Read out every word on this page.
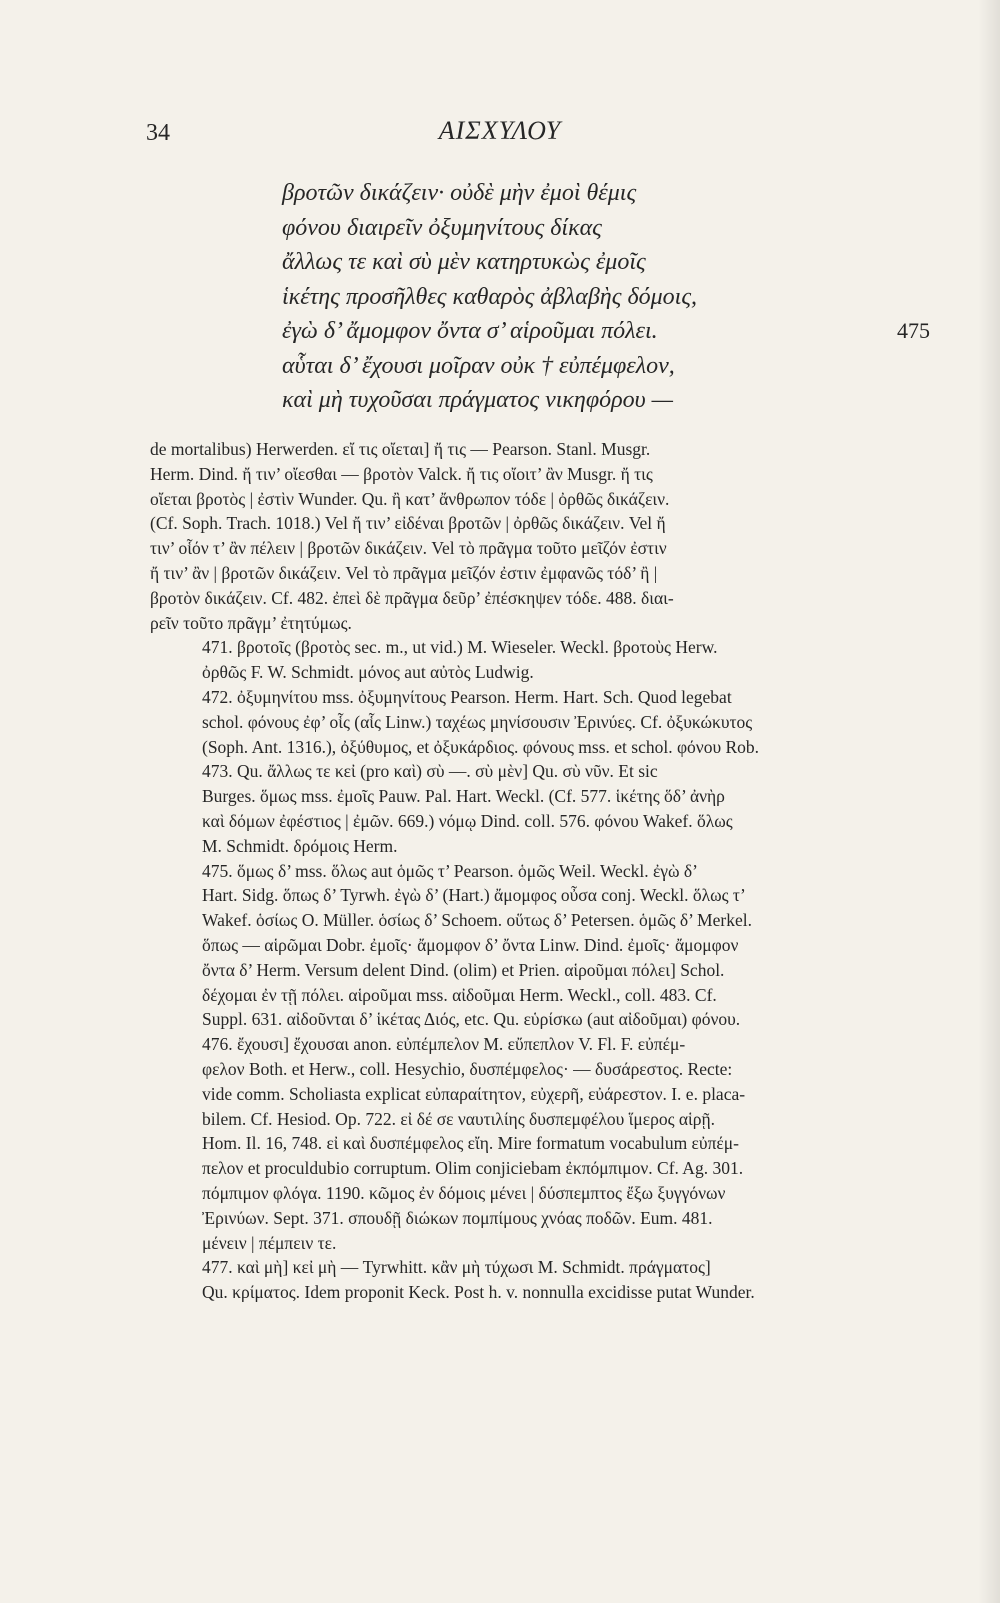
34	ΑΙΣΧΥΛΟΥ
βροτῶν δικάζειν· οὐδὲ μὴν ἐμοὶ θέμις
φόνου διαιρεῖν ὀξυμηνίτους δίκας
ἄλλως τε καὶ σὺ μὲν κατηρτυκὼς ἐμοῖς
ἱκέτης προσῆλθες καθαρὸς ἀβλαβὴς δόμοις,
ἐγὼ δ’ ἄμομφον ὄντα σ’ αἱροῦμαι πόλει.	475
αὗται δ’ ἔχουσι μοῖραν οὐκ † εὐπέμφελον,
καὶ μὴ τυχοῦσαι πράγματος νικηφόρου —

de mortalibus) Herwerden. εἴ τις οἴεται] ἤ τις — Pearson. Stanl. Musgr.
Herm. Dind. ἤ τιν’ οἴεσθαι — βροτὸν Valck. ἤ τις οἴοιτ’ ἂν Musgr. ἤ τις
οἴεται βροτὸς | ἐστὶν Wunder. Qu. ἢ κατ’ ἄνθρωπον τόδε | ὀρθῶς δικάζειν.
(Cf. Soph. Trach. 1018.) Vel ἤ τιν’ εἰδέναι βροτῶν | ὀρθῶς δικάζειν. Vel ἤ
τιν’ οἷόν τ’ ἂν πέλειν | βροτῶν δικάζειν. Vel τὸ πρᾶγμα τοῦτο μεῖζόν ἐστιν
ἤ τιν’ ἂν | βροτῶν δικάζειν. Vel τὸ πρᾶγμα μεῖζόν ἐστιν ἐμφανῶς τόδ’ ἢ |
βροτὸν δικάζειν. Cf. 482. ἐπεὶ δὲ πρᾶγμα δεῦρ’ ἐπέσκηψεν τόδε. 488. διαι-
ρεῖν τοῦτο πρᾶγμ’ ἐτητύμως.

471. βροτοῖς (βροτὸς sec. m., ut vid.) M. Wieseler. Weckl. βροτοὺς Herw.
ὀρθῶς F. W. Schmidt. μόνος aut αὐτὸς Ludwig.

472. ὀξυμηνίτου mss. ὀξυμηνίτους Pearson. Herm. Hart. Sch. Quod legebat
schol. φόνους ἐφ’ οἷς (αἷς Linw.) ταχέως μηνίσουσιν Ἐρινύες. Cf. ὀξυκώκυτος
(Soph. Ant. 1316.), ὀξύθυμος, et ὀξυκάρδιος. φόνους mss. et schol. φόνου Rob.

473. Qu. ἄλλως τε κεἰ (pro καὶ) σὺ —. σὺ μὲν] Qu. σὺ νῦν. Et sic
Burges. ὅμως mss. ἐμοῖς Pauw. Pal. Hart. Weckl. (Cf. 577. ἱκέτης ὅδ’ ἀνὴρ
καὶ δόμων ἐφέστιος | ἐμῶν. 669.) νόμῳ Dind. coll. 576. φόνου Wakef. ὅλως
M. Schmidt. δρόμοις Herm.

475. ὅμως δ’ mss. ὅλως aut ὁμῶς τ’ Pearson. ὁμῶς Weil. Weckl. ἐγὼ δ’
Hart. Sidg. ὅπως δ’ Tyrwh. ἐγὼ δ’ (Hart.) ἄμομφος οὖσα conj. Weckl. ὅλως τ’
Wakef. ὁσίως O. Müller. ὁσίως δ’ Schoem. οὕτως δ’ Petersen. ὁμῶς δ’ Merkel.
ὅπως — αἱρῶμαι Dobr. ἐμοῖς· ἄμομφον δ’ ὄντα Linw. Dind. ἐμοῖς· ἄμομφον
ὄντα δ’ Herm. Versum delent Dind. (olim) et Prien. αἱροῦμαι πόλει] Schol.
δέχομαι ἐν τῇ πόλει. αἱροῦμαι mss. αἰδοῦμαι Herm. Weckl., coll. 483. Cf.
Suppl. 631. αἰδοῦνται δ’ ἱκέτας Διός, etc. Qu. εὑρίσκω (aut αἰδοῦμαι) φόνου.

476. ἔχουσι] ἔχουσαι anon. εὐπέμπελον M. εὔπεπλον V. Fl. F. εὐπέμ-
φελον Both. et Herw., coll. Hesychio, δυσπέμφελος· — δυσάρεστος. Recte:
vide comm. Scholiasta explicat εὐπαραίτητον, εὐχερῆ, εὐάρεστον. I. e. placa-
bilem. Cf. Hesiod. Op. 722. εἰ δέ σε ναυτιλίης δυσπεμφέλου ἵμερος αἱρῇ.
Hom. Il. 16, 748. εἰ καὶ δυσπέμφελος εἴη. Mire formatum vocabulum εὐπέμ-
πελον et proculdubio corruptum. Olim conjiciebam ἐκπόμπιμον. Cf. Ag. 301.
πόμπιμον φλόγα. 1190. κῶμος ἐν δόμοις μένει | δύσπεμπτος ἔξω ξυγγόνων
Ἐρινύων. Sept. 371. σπουδῇ διώκων πομπίμους χνόας ποδῶν. Eum. 481.
μένειν | πέμπειν τε.

477. καὶ μὴ] κεἰ μὴ — Tyrwhitt. κἂν μὴ τύχωσι M. Schmidt. πράγματος]
Qu. κρίματος. Idem proponit Keck. Post h. v. nonnulla excidisse putat Wunder.
